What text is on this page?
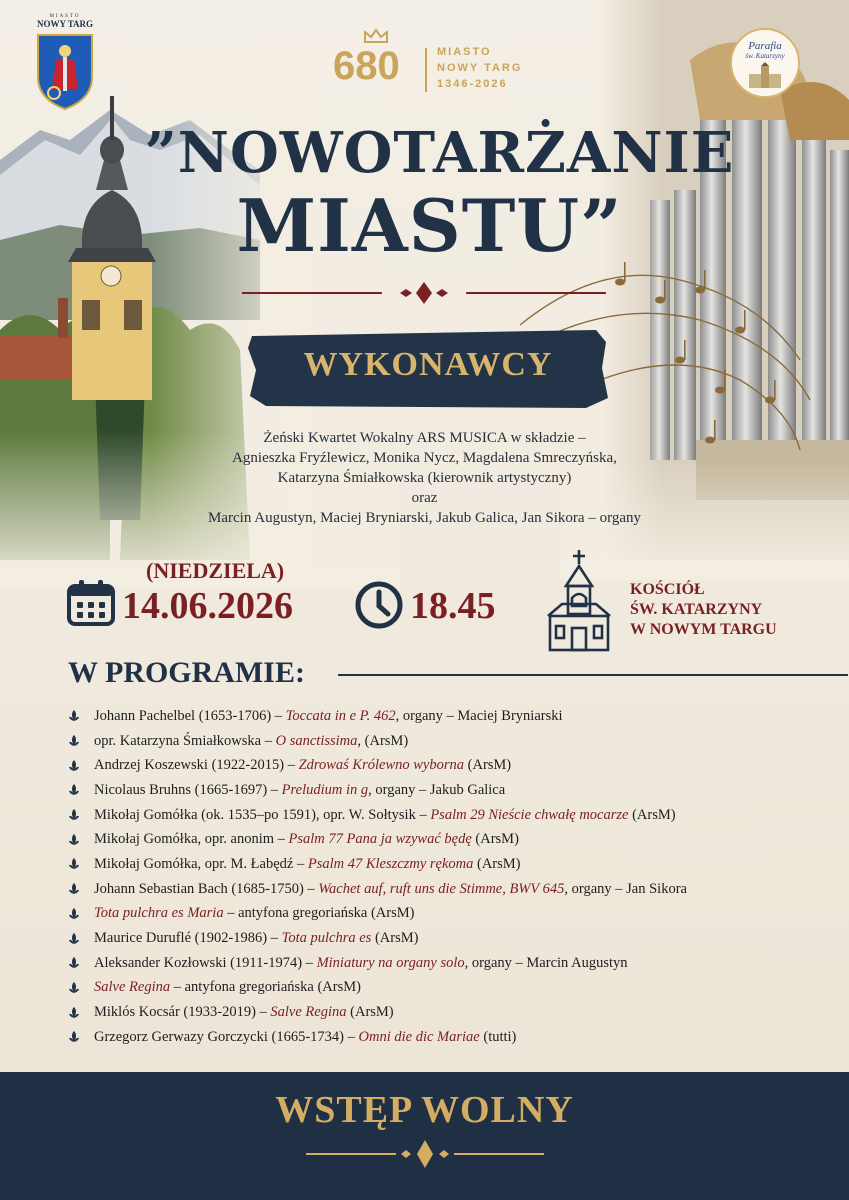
MIASTO
NOWY TARG
680	MIASTO
NOWY TARG
1346-2026
Parafia
św. Katarzyny
”NOWOTARŻANIE
MIASTU”
WYKONAWCY
Żeński Kwartet Wokalny ARS MUSICA w składzie –
Agnieszka Fryźlewicz, Monika Nycz, Magdalena Smreczyńska,
Katarzyna Śmiałkowska (kierownik artystyczny)
oraz
Marcin Augustyn, Maciej Bryniarski, Jakub Galica, Jan Sikora – organy
(NIEDZIELA)
14.06.2026	18.45	KOŚCIÓŁ
ŚW. KATARZYNY
W NOWYM TARGU
W PROGRAMIE:
Johann Pachelbel (1653-1706) – Toccata in e P. 462 , organy – Maciej Bryniarski
opr. Katarzyna Śmiałkowska – O sanctissima , (ArsM)
Andrzej Koszewski (1922-2015) – Zdrowaś Królewno wyborna (ArsM)
Nicolaus Bruhns (1665-1697) – Preludium in g , organy – Jakub Galica
Mikołaj Gomółka (ok. 1535–po 1591), opr. W. Sołtysik – Psalm 29 Nieście chwałę mocarze (ArsM)
Mikołaj Gomółka, opr. anonim – Psalm 77 Pana ja wzywać będę (ArsM)
Mikołaj Gomółka, opr. M. Łabędź – Psalm 47 Kleszczmy rękoma (ArsM)
Johann Sebastian Bach (1685-1750) – Wachet auf, ruft uns die Stimme, BWV 645 , organy – Jan Sikora
Tota pulchra es Maria – antyfona gregoriańska (ArsM)
Maurice Duruflé (1902-1986) – Tota pulchra es (ArsM)
Aleksander Kozłowski (1911-1974) – Miniatury na organy solo , organy – Marcin Augustyn
Salve Regina – antyfona gregoriańska (ArsM)
Miklós Kocsár (1933-2019) – Salve Regina (ArsM)
Grzegorz Gerwazy Gorczycki (1665-1734) – Omni die dic Mariae (tutti)
WSTĘP WOLNY
